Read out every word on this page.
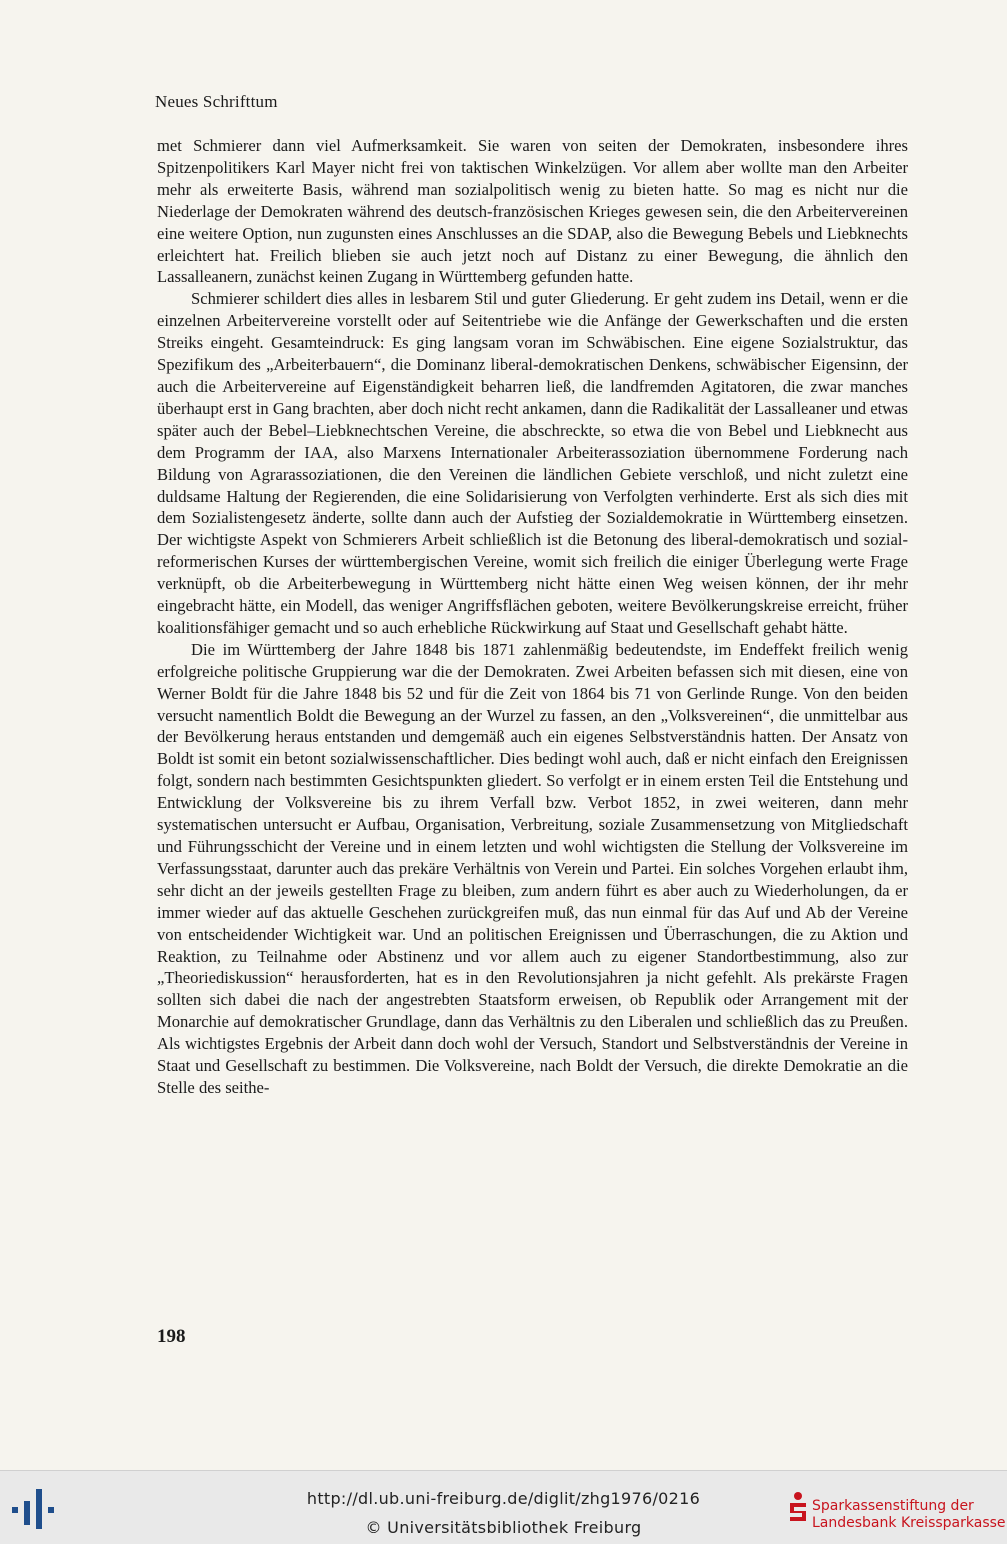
Neues Schrifttum

met Schmierer dann viel Aufmerksamkeit. Sie waren von seiten der Demokraten, insbesondere ihres Spitzenpolitikers Karl Mayer nicht frei von taktischen Winkelzügen. Vor allem aber wollte man den Arbeiter mehr als erweiterte Basis, während man sozialpolitisch wenig zu bieten hatte. So mag es nicht nur die Niederlage der Demokraten während des deutsch-französischen Krieges gewesen sein, die den Arbeitervereinen eine weitere Option, nun zugunsten eines Anschlusses an die SDAP, also die Bewegung Bebels und Liebknechts erleichtert hat. Freilich blieben sie auch jetzt noch auf Distanz zu einer Bewegung, die ähnlich den Lassalleanern, zunächst keinen Zugang in Württemberg gefunden hatte.

Schmierer schildert dies alles in lesbarem Stil und guter Gliederung. Er geht zudem ins Detail, wenn er die einzelnen Arbeitervereine vorstellt oder auf Seitentriebe wie die Anfänge der Gewerkschaften und die ersten Streiks eingeht. Gesamteindruck: Es ging langsam voran im Schwäbischen. Eine eigene Sozialstruktur, das Spezifikum des „Arbeiterbauern“, die Dominanz liberal-demokratischen Denkens, schwäbischer Eigensinn, der auch die Arbeitervereine auf Eigenständigkeit beharren ließ, die landfremden Agitatoren, die zwar manches überhaupt erst in Gang brachten, aber doch nicht recht ankamen, dann die Radikalität der Lassalleaner und etwas später auch der Bebel–Liebknechtschen Vereine, die abschreckte, so etwa die von Bebel und Liebknecht aus dem Programm der IAA, also Marxens Internationaler Arbeiterassoziation übernommene Forderung nach Bildung von Agrarassoziationen, die den Vereinen die ländlichen Gebiete verschloß, und nicht zuletzt eine duldsame Haltung der Regierenden, die eine Solidarisierung von Verfolgten verhinderte. Erst als sich dies mit dem Sozialistengesetz änderte, sollte dann auch der Aufstieg der Sozialdemokratie in Württemberg einsetzen. Der wichtigste Aspekt von Schmierers Arbeit schließlich ist die Betonung des liberal-demokratisch und sozial-reformerischen Kurses der württembergischen Vereine, womit sich freilich die einiger Überlegung werte Frage verknüpft, ob die Arbeiterbewegung in Württemberg nicht hätte einen Weg weisen können, der ihr mehr eingebracht hätte, ein Modell, das weniger Angriffsflächen geboten, weitere Bevölkerungskreise erreicht, früher koalitionsfähiger gemacht und so auch erhebliche Rückwirkung auf Staat und Gesellschaft gehabt hätte.

Die im Württemberg der Jahre 1848 bis 1871 zahlenmäßig bedeutendste, im Endeffekt freilich wenig erfolgreiche politische Gruppierung war die der Demokraten. Zwei Arbeiten befassen sich mit diesen, eine von Werner Boldt für die Jahre 1848 bis 52 und für die Zeit von 1864 bis 71 von Gerlinde Runge. Von den beiden versucht namentlich Boldt die Bewegung an der Wurzel zu fassen, an den „Volksvereinen“, die unmittelbar aus der Bevölkerung heraus entstanden und demgemäß auch ein eigenes Selbstverständnis hatten. Der Ansatz von Boldt ist somit ein betont sozialwissenschaftlicher. Dies bedingt wohl auch, daß er nicht einfach den Ereignissen folgt, sondern nach bestimmten Gesichtspunkten gliedert. So verfolgt er in einem ersten Teil die Entstehung und Entwicklung der Volksvereine bis zu ihrem Verfall bzw. Verbot 1852, in zwei weiteren, dann mehr systematischen untersucht er Aufbau, Organisation, Verbreitung, soziale Zusammensetzung von Mitgliedschaft und Führungsschicht der Vereine und in einem letzten und wohl wichtigsten die Stellung der Volksvereine im Verfassungsstaat, darunter auch das prekäre Verhältnis von Verein und Partei. Ein solches Vorgehen erlaubt ihm, sehr dicht an der jeweils gestellten Frage zu bleiben, zum andern führt es aber auch zu Wiederholungen, da er immer wieder auf das aktuelle Geschehen zurückgreifen muß, das nun einmal für das Auf und Ab der Vereine von entscheidender Wichtigkeit war. Und an politischen Ereignissen und Überraschungen, die zu Aktion und Reaktion, zu Teilnahme oder Abstinenz und vor allem auch zu eigener Standortbestimmung, also zur „Theoriediskussion“ herausforderten, hat es in den Revolutionsjahren ja nicht gefehlt. Als prekärste Fragen sollten sich dabei die nach der angestrebten Staatsform erweisen, ob Republik oder Arrangement mit der Monarchie auf demokratischer Grundlage, dann das Verhältnis zu den Liberalen und schließlich das zu Preußen. Als wichtigstes Ergebnis der Arbeit dann doch wohl der Versuch, Standort und Selbstverständnis der Vereine in Staat und Gesellschaft zu bestimmen. Die Volksvereine, nach Boldt der Versuch, die direkte Demokratie an die Stelle des seithe-

198
http://dl.ub.uni-freiburg.de/diglit/zhg1976/0216
© Universitätsbibliothek Freiburg
Sparkassenstiftung der
Landesbank Kreissparkasse
